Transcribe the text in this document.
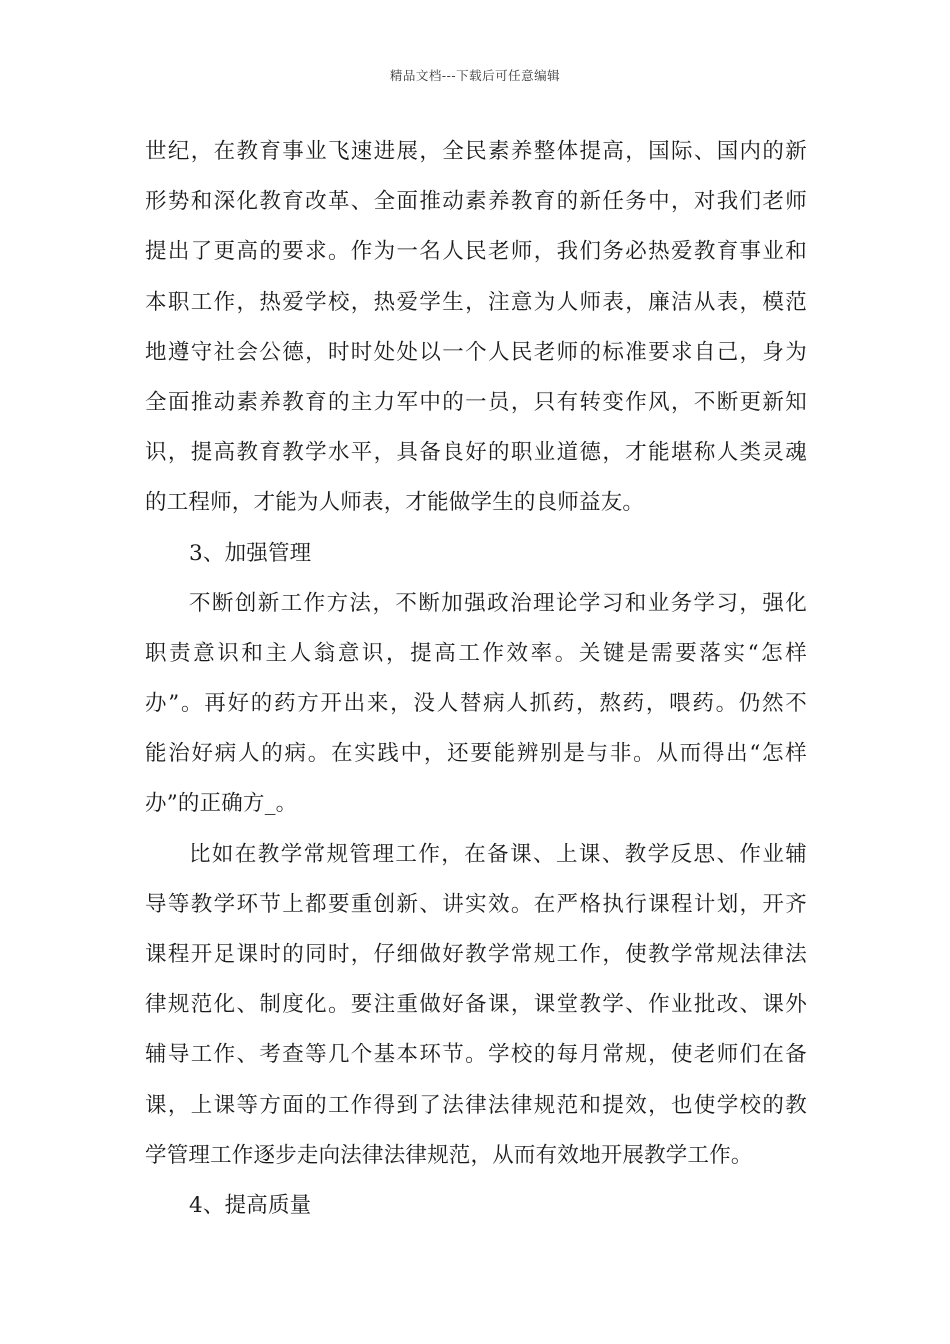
精品文档---下载后可任意编辑
世纪，在教育事业飞速进展，全民素养整体提高，国际、国内的新
形势和深化教育改革、全面推动素养教育的新任务中，对我们老师
提出了更高的要求。作为一名人民老师，我们务必热爱教育事业和
本职工作，热爱学校，热爱学生，注意为人师表，廉洁从表，模范
地遵守社会公德，时时处处以一个人民老师的标准要求自己，身为
全面推动素养教育的主力军中的一员，只有转变作风，不断更新知
识，提高教育教学水平，具备良好的职业道德，才能堪称人类灵魂
的工程师，才能为人师表，才能做学生的良师益友。
3、加强管理
不断创新工作方法，不断加强政治理论学习和业务学习，强化
职责意识和主人翁意识，提高工作效率。关键是需要落实“怎样
办”。再好的药方开出来，没人替病人抓药，熬药，喂药。仍然不
能治好病人的病。在实践中，还要能辨别是与非。从而得出“怎样
办”的正确方_。
比如在教学常规管理工作，在备课、上课、教学反思、作业辅
导等教学环节上都要重创新、讲实效。在严格执行课程计划，开齐
课程开足课时的同时，仔细做好教学常规工作，使教学常规法律法
律规范化、制度化。要注重做好备课，课堂教学、作业批改、课外
辅导工作、考查等几个基本环节。学校的每月常规，使老师们在备
课，上课等方面的工作得到了法律法律规范和提效，也使学校的教
学管理工作逐步走向法律法律规范，从而有效地开展教学工作。
4、提高质量
